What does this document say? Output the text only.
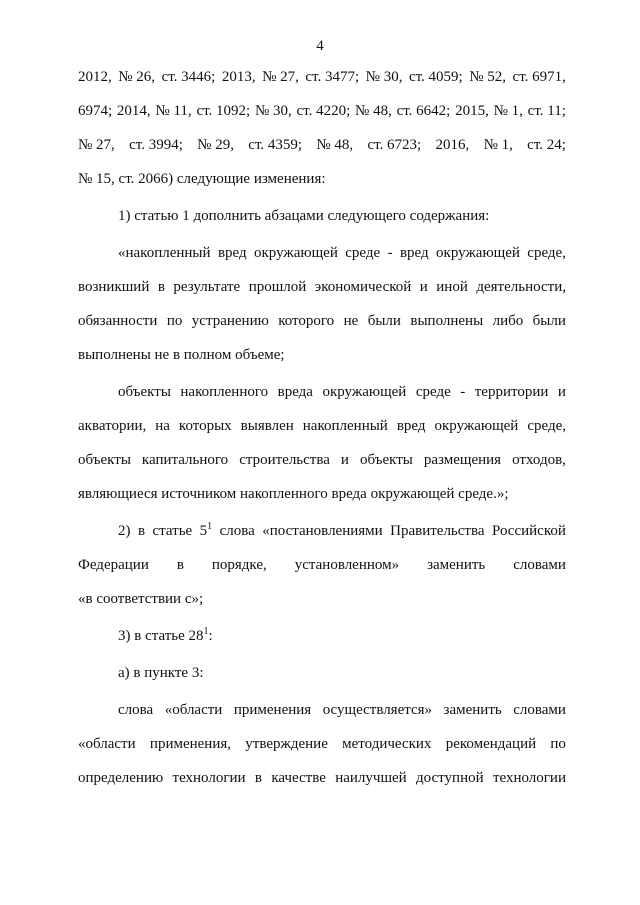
4
2012, № 26, ст. 3446; 2013, № 27, ст. 3477; № 30, ст. 4059; № 52, ст. 6971,
6974; 2014, № 11, ст. 1092; № 30, ст. 4220; № 48, ст. 6642; 2015, № 1, ст. 11;
№ 27, ст. 3994; № 29, ст. 4359; № 48, ст. 6723; 2016, № 1, ст. 24;
№ 15, ст. 2066) следующие изменения:
1) статью 1 дополнить абзацами следующего содержания:
«накопленный вред окружающей среде - вред окружающей среде,
возникший в результате прошлой экономической и иной деятельности,
обязанности по устранению которого не были выполнены либо были
выполнены не в полном объеме;
объекты накопленного вреда окружающей среде - территории и
акватории, на которых выявлен накопленный вред окружающей среде,
объекты капитального строительства и объекты размещения отходов,
являющиеся источником накопленного вреда окружающей среде.»;
2) в статье $5^1$ слова «постановлениями Правительства Российской
Федерации в порядке, установленном» заменить словами
«в соответствии с»;
3) в статье $28^1$:
а) в пункте 3:
слова «области применения осуществляется» заменить словами
«области применения, утверждение методических рекомендаций по
определению технологии в качестве наилучшей доступной технологии
